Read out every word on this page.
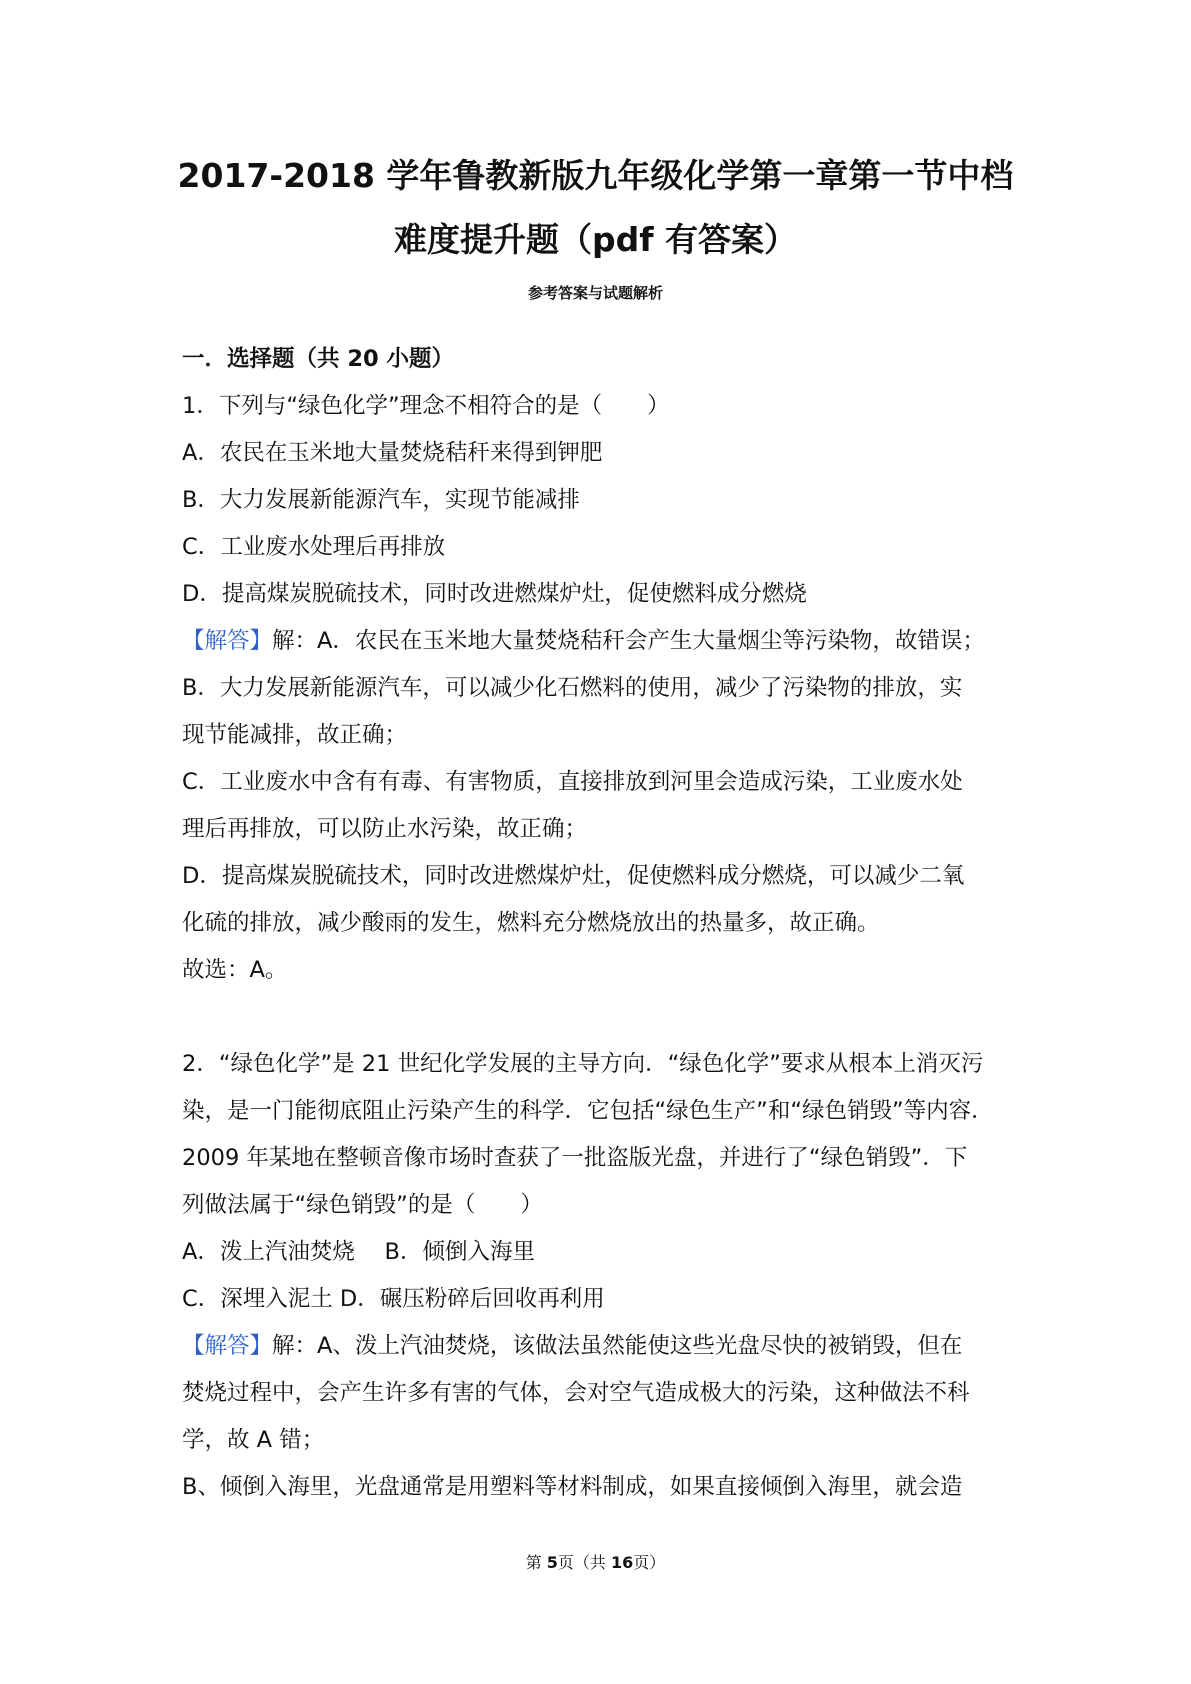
2017-2018 学年鲁教新版九年级化学第一章第一节中档
难度提升题（pdf 有答案）
参考答案与试题解析
一．选择题（共 20 小题）
1．下列与“绿色化学”理念不相符合的是（　　）
A．农民在玉米地大量焚烧秸秆来得到钾肥
B．大力发展新能源汽车，实现节能减排
C．工业废水处理后再排放
D．提高煤炭脱硫技术，同时改进燃煤炉灶，促使燃料成分燃烧
【解答】解：A．农民在玉米地大量焚烧秸秆会产生大量烟尘等污染物，故错误；
B．大力发展新能源汽车，可以减少化石燃料的使用，减少了污染物的排放，实
现节能减排，故正确；
C．工业废水中含有有毒、有害物质，直接排放到河里会造成污染，工业废水处
理后再排放，可以防止水污染，故正确；
D．提高煤炭脱硫技术，同时改进燃煤炉灶，促使燃料成分燃烧，可以减少二氧
化硫的排放，减少酸雨的发生，燃料充分燃烧放出的热量多，故正确。
故选：A。
2．“绿色化学”是 21 世纪化学发展的主导方向．“绿色化学”要求从根本上消灭污
染，是一门能彻底阻止污染产生的科学．它包括“绿色生产”和“绿色销毁”等内容．
2009 年某地在整顿音像市场时查获了一批盗版光盘，并进行了“绿色销毁”．下
列做法属于“绿色销毁”的是（　　）
A．泼上汽油焚烧　 B．倾倒入海里
C．深埋入泥土 D．碾压粉碎后回收再利用
【解答】解：A、泼上汽油焚烧，该做法虽然能使这些光盘尽快的被销毁，但在
焚烧过程中，会产生许多有害的气体，会对空气造成极大的污染，这种做法不科
学，故 A 错；
B、倾倒入海里，光盘通常是用塑料等材料制成，如果直接倾倒入海里，就会造
第 5页（共 16页）
